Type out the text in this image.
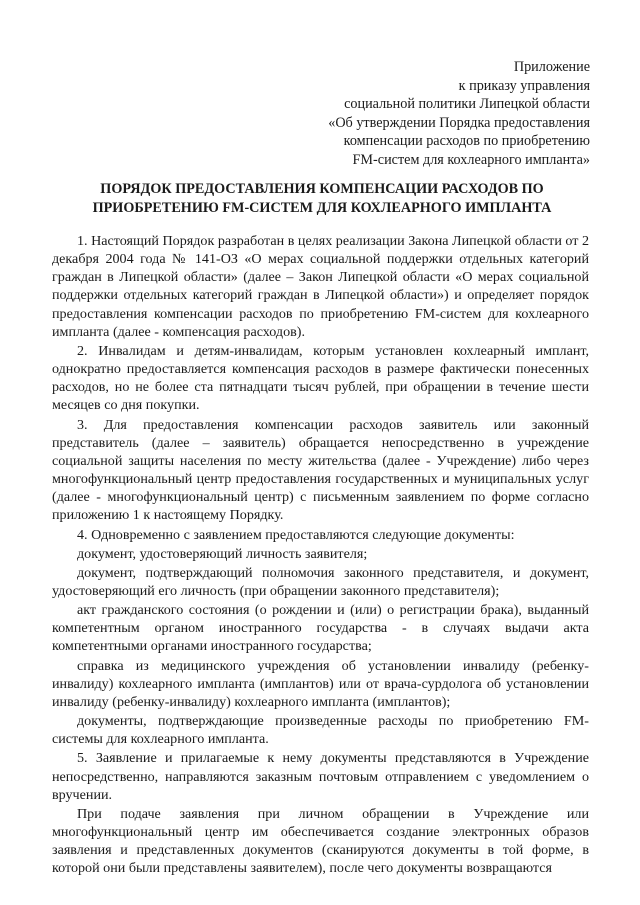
Приложение
к приказу управления
социальной политики Липецкой области
«Об утверждении Порядка предоставления
компенсации расходов по приобретению
FM-систем для кохлеарного импланта»
ПОРЯДОК ПРЕДОСТАВЛЕНИЯ КОМПЕНСАЦИИ РАСХОДОВ ПО
ПРИОБРЕТЕНИЮ FM-СИСТЕМ ДЛЯ КОХЛЕАРНОГО ИМПЛАНТА

1. Настоящий Порядок разработан в целях реализации Закона Липецкой области от 2 декабря 2004 года № 141-ОЗ «О мерах социальной поддержки отдельных категорий граждан в Липецкой области» (далее – Закон Липецкой области «О мерах социальной поддержки отдельных категорий граждан в Липецкой области») и определяет порядок предоставления компенсации расходов по приобретению FM-систем для кохлеарного импланта (далее - компенсация расходов).

2. Инвалидам и детям-инвалидам, которым установлен кохлеарный имплант, однократно предоставляется компенсация расходов в размере фактически понесенных расходов, но не более ста пятнадцати тысяч рублей, при обращении в течение шести месяцев со дня покупки.

3. Для предоставления компенсации расходов заявитель или законный представитель (далее – заявитель) обращается непосредственно в учреждение социальной защиты населения по месту жительства (далее - Учреждение) либо через многофункциональный центр предоставления государственных и муниципальных услуг (далее - многофункциональный центр) с письменным заявлением по форме согласно приложению 1 к настоящему Порядку.

4. Одновременно с заявлением предоставляются следующие документы:

документ, удостоверяющий личность заявителя;

документ, подтверждающий полномочия законного представителя, и документ, удостоверяющий его личность (при обращении законного представителя);

акт гражданского состояния (о рождении и (или) о регистрации брака), выданный компетентным органом иностранного государства - в случаях выдачи акта компетентными органами иностранного государства;

справка из медицинского учреждения об установлении инвалиду (ребенку-инвалиду) кохлеарного импланта (имплантов) или от врача-сурдолога об установлении инвалиду (ребенку-инвалиду) кохлеарного импланта (имплантов);

документы, подтверждающие произведенные расходы по приобретению FM-системы для кохлеарного импланта.

5. Заявление и прилагаемые к нему документы представляются в Учреждение непосредственно, направляются заказным почтовым отправлением с уведомлением о вручении.

При подаче заявления при личном обращении в Учреждение или многофункциональный центр им обеспечивается создание электронных образов заявления и представленных документов (сканируются документы в той форме, в которой они были представлены заявителем), после чего документы возвращаются
